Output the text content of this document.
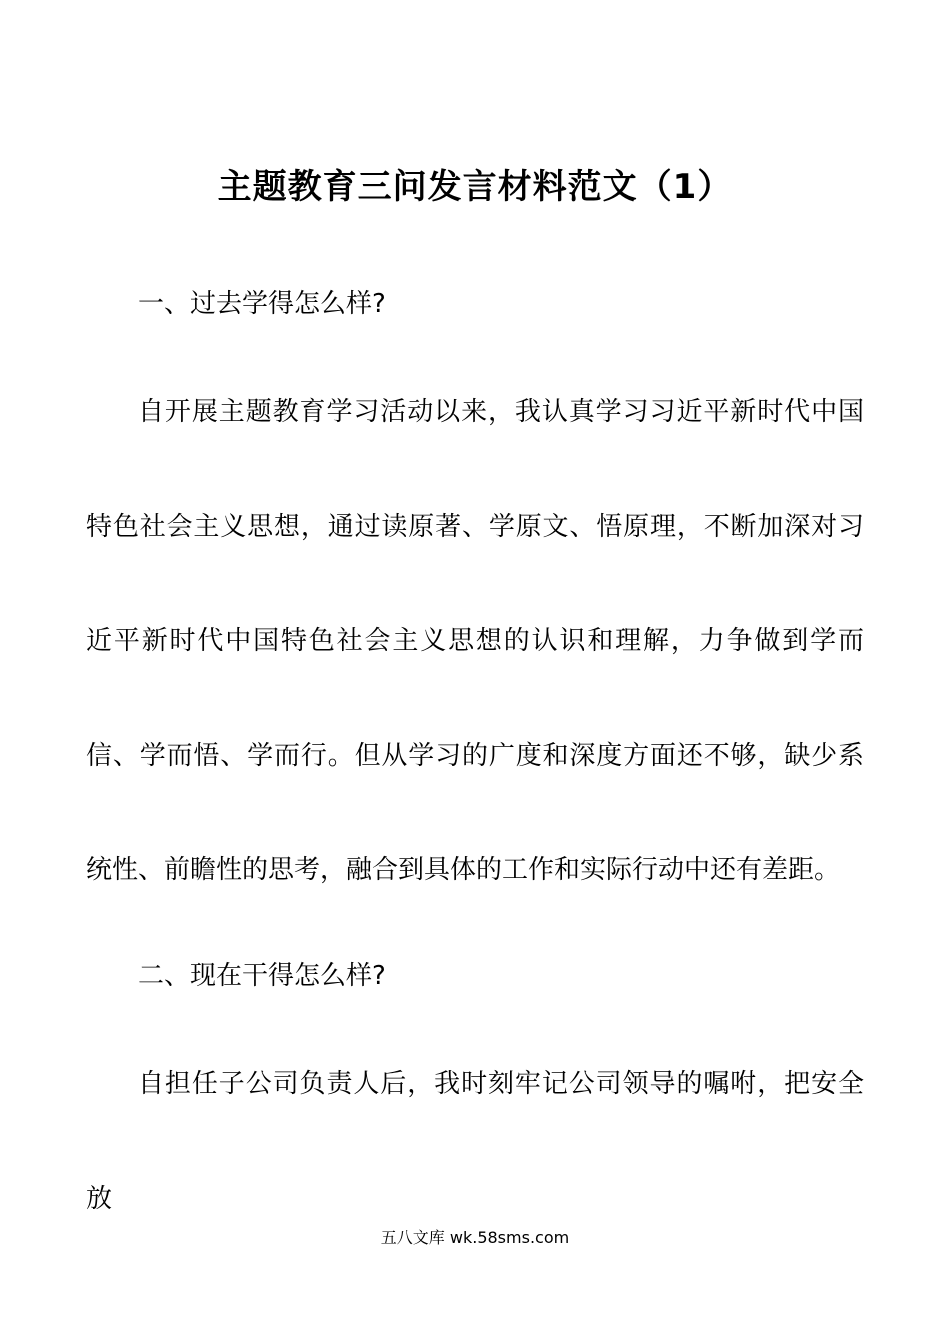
主题教育三问发言材料范文（1）
一、过去学得怎么样?
自开展主题教育学习活动以来，我认真学习习近平新时代中国特色社会主义思想，通过读原著、学原文、悟原理，不断加深对习近平新时代中国特色社会主义思想的认识和理解，力争做到学而信、学而悟、学而行。但从学习的广度和深度方面还不够，缺少系统性、前瞻性的思考，融合到具体的工作和实际行动中还有差距。
二、现在干得怎么样?
自担任子公司负责人后，我时刻牢记公司领导的嘱咐，把安全放
五八文库 wk.58sms.com
